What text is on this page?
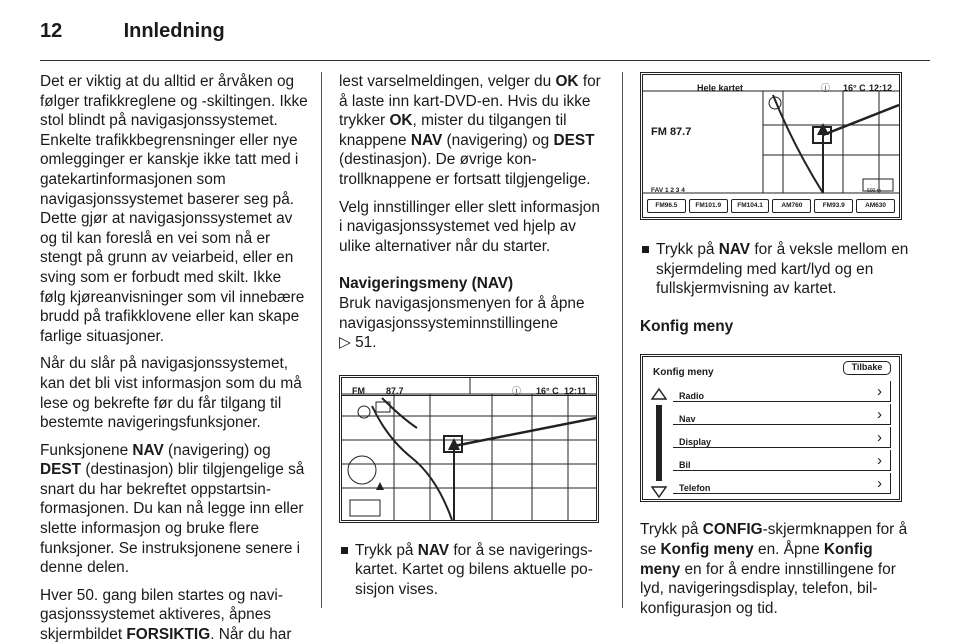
12	Innledning

Det er viktig at du alltid er årvåken og følger trafikkreglene og -skiltingen. Ikke stol blindt på navigasjonssystemet. Enkelte trafikkbegrensninger eller nye omlegginger er kanskje ikke tatt med i gatekartinformasjonen som navigasjonssystemet baserer seg på. Dette gjør at navigasjonssystemet av og til kan foreslå en vei som nå er stengt på grunn av veiarbeid, eller en sving som er forbudt med skilt. Ikke følg kjøreanvisninger som vil innebære brudd på trafikklovene eller kan skape farlige situasjoner.

Når du slår på navigasjonssystemet, kan det bli vist informasjon som du må lese og bekrefte før du får tilgang til bestemte navigeringsfunksjoner.

Funksjonene NAV (navigering) og DEST (destinasjon) blir tilgjengelige så snart du har bekreftet oppstartsinformasjonen. Du kan nå legge inn eller slette informasjon og bruke flere funksjoner. Se instruksjonene senere i denne delen.

Hver 50. gang bilen startes og navigasjonssystemet aktiveres, åpnes skjermbildet FORSIKTIG. Når du har

lest varselmeldingen, velger du OK for å laste inn kart-DVD-en. Hvis du ikke trykker OK, mister du tilgangen til knappene NAV (navigering) og DEST (destinasjon). De øvrige kontrollknappene er fortsatt tilgjengelige.

Velg innstillinger eller slett informasjon i navigasjonssystemet ved hjelp av ulike alternativer når du starter.

Navigeringsmeny (NAV)

Bruk navigasjonsmenyen for å åpne navigasjonssysteminnstillingene
▷ 51.

FM 87.7	ⓘ 16° C 12:11
Trykk på NAV for å se navigeringskartet. Kartet og bilens aktuelle posisjon vises.
Hele kartet	ⓘ 16° C 12:12
FM 87.7
FAV 1 2 3 4	500 m
FM96.5	FM101.9	FM104.1	AM760	FM93.9	AM630
Trykk på NAV for å veksle mellom en skjermdeling med kart/lyd og en fullskjermvisning av kartet.
Konfig meny
Konfig meny	Tilbake
Radio	›
Nav	›
Display	›
Bil	›
Telefon	›

Trykk på CONFIG-skjermknappen for å se Konfig meny en. Åpne Konfig meny en for å endre innstillingene for lyd, navigeringsdisplay, telefon, bilkonfigurasjon og tid.
